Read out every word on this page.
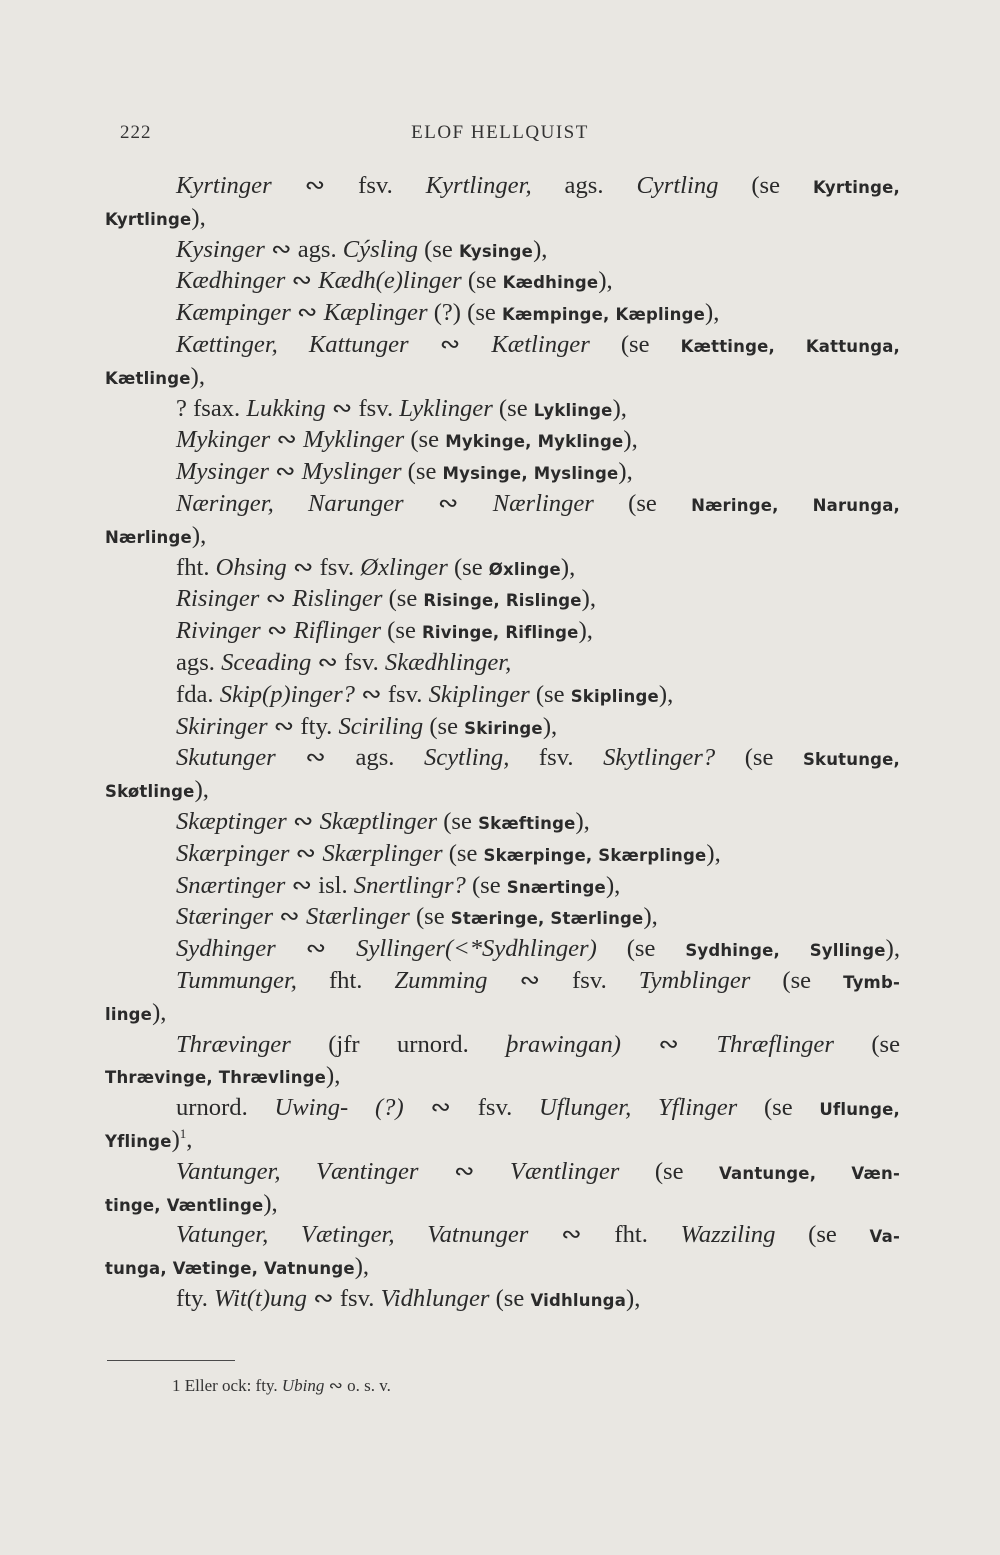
222	ELOF HELLQUIST
Kyrtinger ∾ fsv. Kyrtlinger, ags. Cyrtling (se Kyrtinge,
Kyrtlinge),
Kysinger ∾ ags. Cýsling (se Kysinge),
Kædhinger ∾ Kædh(e)linger (se Kædhinge),
Kæmpinger ∾ Kæplinger (?) (se Kæmpinge, Kæplinge),
Kættinger, Kattunger ∾ Kætlinger (se Kættinge, Kattunga,
Kætlinge),
? fsax. Lukking ∾ fsv. Lyklinger (se Lyklinge),
Mykinger ∾ Myklinger (se Mykinge, Myklinge),
Mysinger ∾ Myslinger (se Mysinge, Myslinge),
Næringer, Narunger ∾ Nærlinger (se Næringe, Narunga,
Nærlinge),
fht. Ohsing ∾ fsv. Øxlinger (se Øxlinge),
Risinger ∾ Rislinger (se Risinge, Rislinge),
Rivinger ∾ Riflinger (se Rivinge, Riflinge),
ags. Sceading ∾ fsv. Skædhlinger,
fda. Skip(p)inger? ∾ fsv. Skiplinger (se Skiplinge),
Skiringer ∾ fty. Sciriling (se Skiringe),
Skutunger ∾ ags. Scytling, fsv. Skytlinger? (se Skutunge,
Skøtlinge),
Skæptinger ∾ Skæptlinger (se Skæftinge),
Skærpinger ∾ Skærplinger (se Skærpinge, Skærplinge),
Snærtinger ∾ isl. Snertlingr? (se Snærtinge),
Stæringer ∾ Stærlinger (se Stæringe, Stærlinge),
Sydhinger ∾ Syllinger(<*Sydhlinger) (se Sydhinge, Syllinge),
Tummunger, fht. Zumming ∾ fsv. Tymblinger (se Tymb-
linge),
Thrævinger (jfr urnord. þrawingan) ∾ Thræflinger (se
Thrævinge, Thrævlinge),
urnord. Uwing- (?) ∾ fsv. Uflunger, Yflinger (se Uflunge,
Yflinge)$^1$,
Vantunger, Væntinger ∾ Væntlinger (se Vantunge, Væn-
tinge, Væntlinge),
Vatunger, Vætinger, Vatnunger ∾ fht. Wazziling (se Va-
tunga, Vætinge, Vatnunge),
fty. Wit(t)ung ∾ fsv. Vidhlunger (se Vidhlunga),
1 Eller ock: fty. Ubing ∾ o. s. v.
